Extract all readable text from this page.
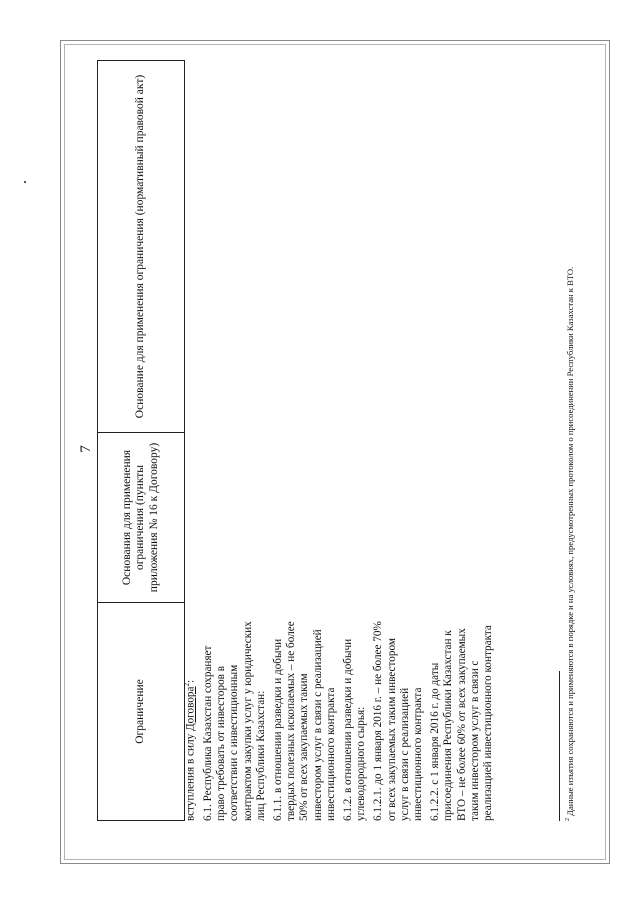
7
Ограничение	Основания для применения ограничения (пункты приложения № 16 к Договору)	Основание для применения ограничения (нормативный правовой акт)

вступления в силу Договора$^2$: 6.1. Республика Казахстан сохраняет право требовать от инвесторов в соответствии с инвестиционным контрактом закупки услуг у юридических лиц Республики Казахстан: 6.1.1. в отношении разведки и добычи твердых полезных ископаемых – не более 50% от всех закупаемых таким инвестором услуг в связи с реализацией инвестиционного контракта 6.1.2. в отношении разведки и добычи углеводородного сырья: 6.1.2.1. до 1 января 2016 г. – не более 70% от всех закупаемых таким инвестором услуг в связи с реализацией инвестиционного контракта 6.1.2.2. с 1 января 2016 г. до даты присоединения Республики Казахстан к ВТО – не более 60% от всех закупаемых таким инвестором услуг в связи с реализацией инвестиционного контракта	$^2$ Данные изъятия сохраняются и применяются в порядке и на условиях, предусмотренных протоколом о присоединении Республики Казахстан к ВТО.
